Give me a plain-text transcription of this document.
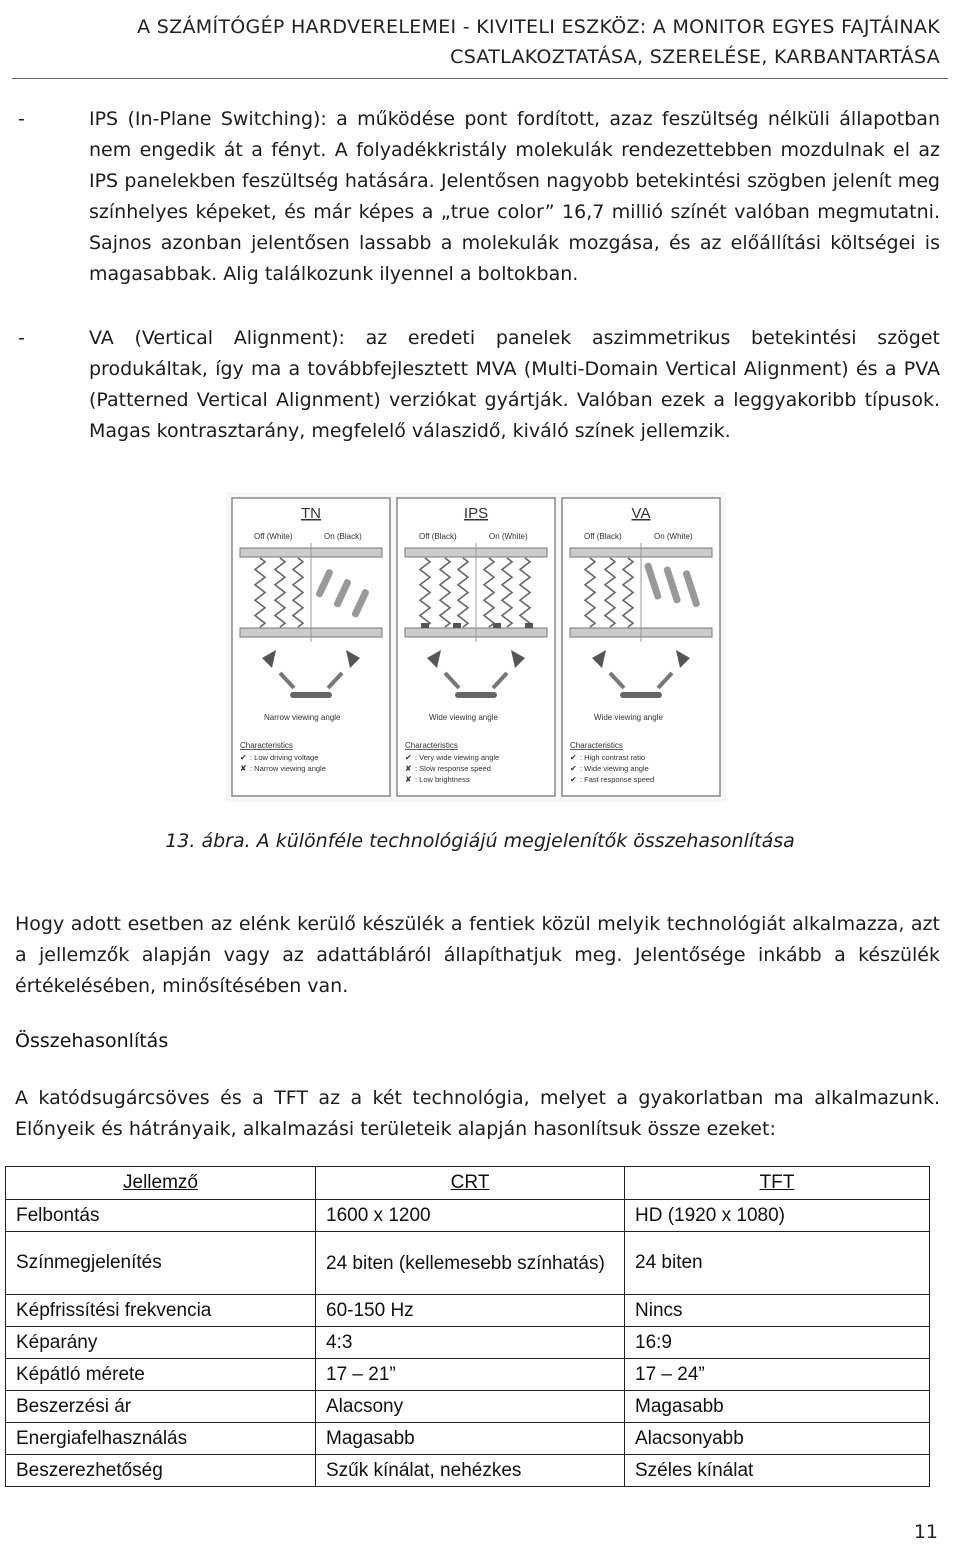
A SZÁMÍTÓGÉP HARDVERELEMEI - KIVITELI ESZKÖZ: A MONITOR EGYES FAJTÁINAK
CSATLAKOZTATÁSA, SZERELÉSE, KARBANTARTÁSA
-	IPS (In-Plane Switching): a működése pont fordított, azaz feszültség nélküli állapotban nem engedik át a fényt. A folyadékkristály molekulák rendezettebben mozdulnak el az IPS panelekben feszültség hatására. Jelentősen nagyobb betekintési szögben jelenít meg színhelyes képeket, és már képes a „true color” 16,7 millió színét valóban megmutatni. Sajnos azonban jelentősen lassabb a molekulák mozgása, és az előállítási költségei is magasabbak. Alig találkozunk ilyennel a boltokban.
-	VA (Vertical Alignment): az eredeti panelek aszimmetrikus betekintési szöget produkáltak, így ma a továbbfejlesztett MVA (Multi-Domain Vertical Alignment) és a PVA (Patterned Vertical Alignment) verziókat gyártják. Valóban ezek a leggyakoribb típusok. Magas kontrasztarány, megfelelő válaszidő, kiváló színek jellemzik.
TN
Off (White)	On (Black)
Narrow viewing angle
Characteristics
✔ : Low driving voltage
✘ : Narrow viewing angle
IPS
Off (Black)	On (White)
Wide viewing angle
Characteristics
✔ : Very wide viewing angle
✘ : Slow response speed
✘ : Low brightness
VA
Off (Black)	On (White)
Wide viewing angle
Characteristics
✔ : High contrast ratio
✔ : Wide viewing angle
✔ : Fast response speed
13. ábra. A különféle technológiájú megjelenítők összehasonlítása
Hogy adott esetben az elénk kerülő készülék a fentiek közül melyik technológiát alkalmazza, azt a jellemzők alapján vagy az adattábláról állapíthatjuk meg. Jelentősége inkább a készülék értékelésében, minősítésében van.
Összehasonlítás
A katódsugárcsöves és a TFT az a két technológia, melyet a gyakorlatban ma alkalmazunk. Előnyeik és hátrányaik, alkalmazási területeik alapján hasonlítsuk össze ezeket:
Jellemző	CRT	TFT
Felbontás	1600 x 1200	HD (1920 x 1080)
Színmegjelenítés	24 biten (kellemesebb színhatás)	24 biten
Képfrissítési frekvencia	60-150 Hz	Nincs
Képarány	4:3	16:9
Képátló mérete	17 – 21”	17 – 24”
Beszerzési ár	Alacsony	Magasabb
Energiafelhasználás	Magasabb	Alacsonyabb
Beszerezhetőség	Szűk kínálat, nehézkes	Széles kínálat
11
